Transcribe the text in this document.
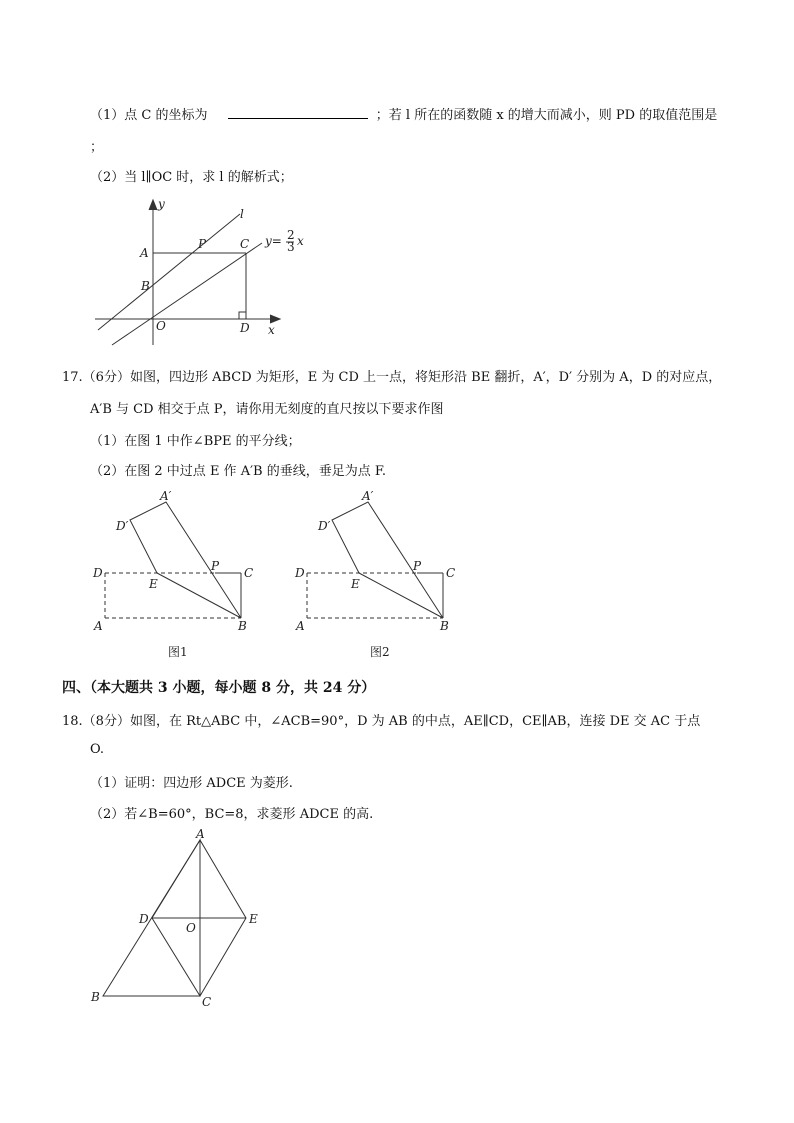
（1）点 C 的坐标为	；若 l 所在的函数随 x 的增大而减小，则 PD 的取值范围是
；
（2）当 l∥OC 时，求 l 的解析式；
17.（6分）如图，四边形 ABCD 为矩形，E 为 CD 上一点，将矩形沿 BE 翻折，A′，D′ 分别为 A，D 的对应点，
A′B 与 CD 相交于点 P，请你用无刻度的直尺按以下要求作图
（1）在图 1 中作∠BPE 的平分线；
（2）在图 2 中过点 E 作 A′B 的垂线，垂足为点 F.
四、（本大题共 3 小题，每小题 8 分，共 24 分）
18.（8分）如图，在 Rt△ABC 中，∠ACB=90°，D 为 AB 的中点，AE∥CD，CE∥AB，连接 DE 交 AC 于点
O.
（1）证明：四边形 ADCE 为菱形.
（2）若∠B=60°，BC=8，求菱形 ADCE 的高.
y
l
A
P	C
B
O	D x
y= 2
3 x
A′
D′
D
E
P C
A	B
图1
A′
D′
D
E
P C
A	B
图2
A
D
O
E
B	C
